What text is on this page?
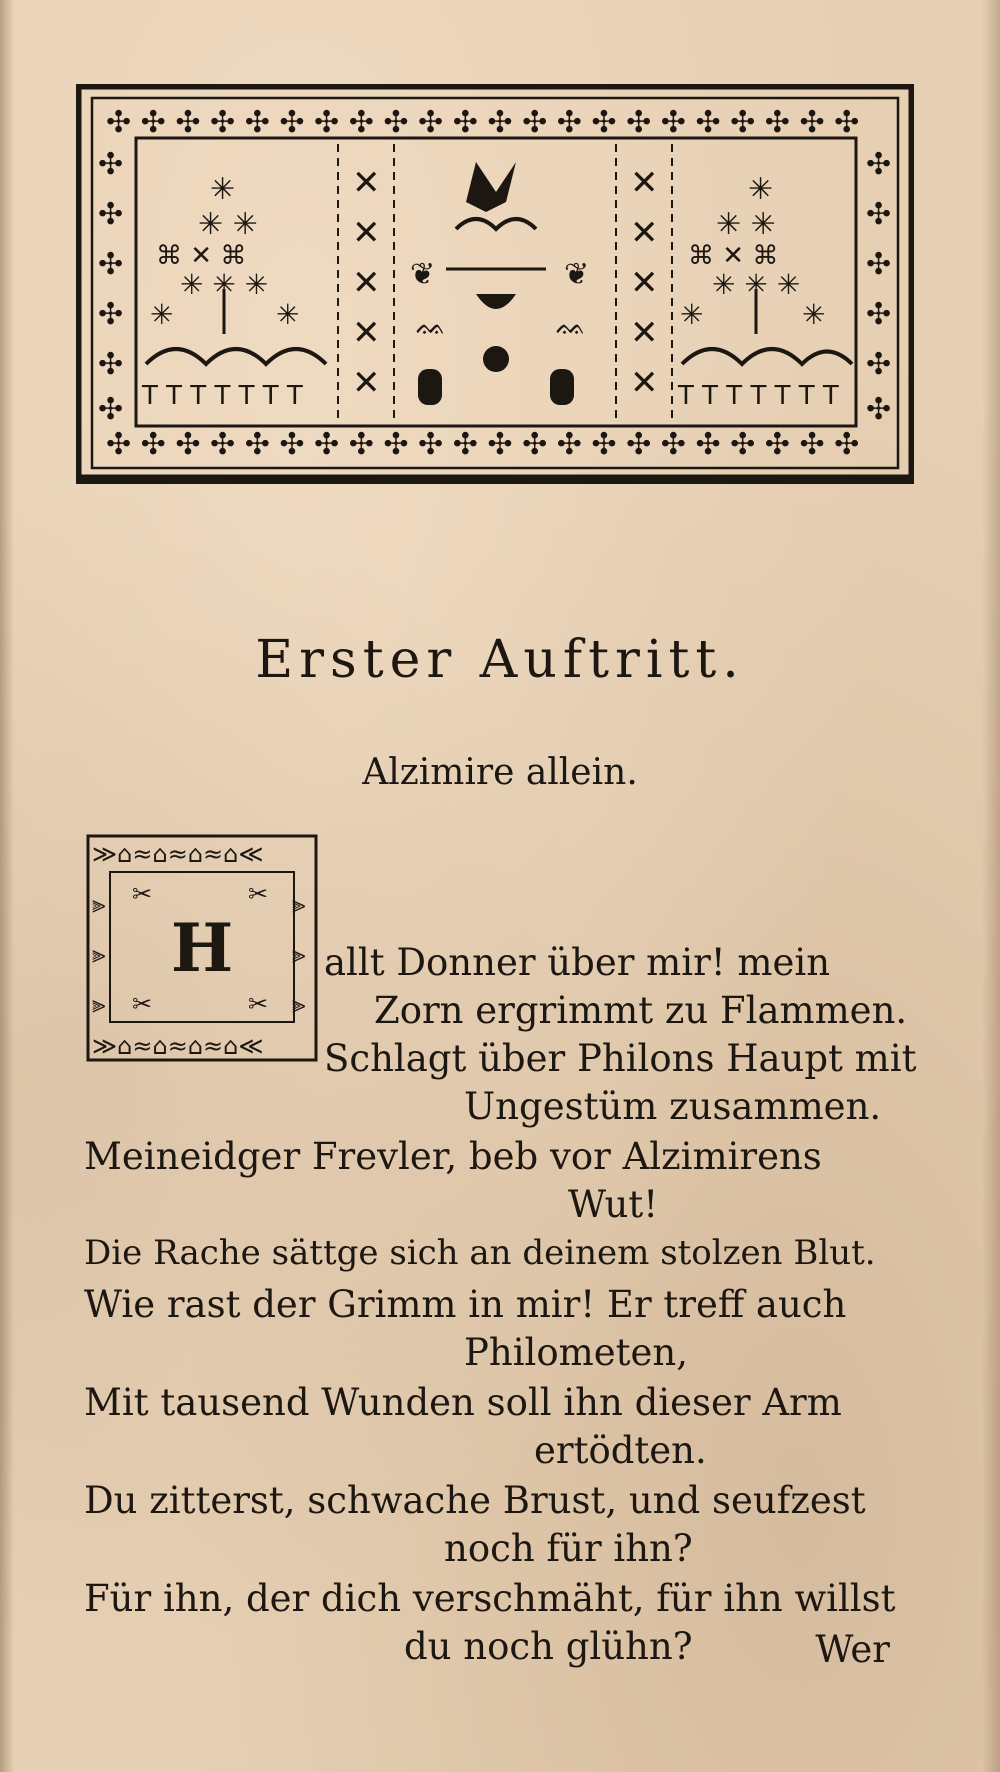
✣ ✣ ✣ ✣ ✣ ✣ ✣ ✣ ✣ ✣ ✣ ✣ ✣ ✣ ✣ ✣ ✣ ✣ ✣ ✣ ✣ ✣
✣ ✣ ✣ ✣ ✣ ✣ ✣ ✣ ✣ ✣ ✣ ✣ ✣ ✣ ✣ ✣ ✣ ✣ ✣ ✣ ✣ ✣
✣
✣
✣
✣
✣
✣
✣
✣
✣
✣
✣
✣
✕
✕
✕
✕
✕
✕
✕
✕
✕
✕
✳
✳ ✳
⌘ ✕ ⌘
✳ ✳ ✳
✳	✳
T T T T T T T
❦	❦
ᨐ	ᨐ
✳
✳ ✳
⌘ ✕ ⌘
✳ ✳ ✳
✳	✳
T T T T T T T
Erster Auftritt.
Alzimire allein.
≫⌂≈⌂≈⌂≈⌂≪
≫⌂≈⌂≈⌂≈⌂≪
⫸
⫸
⫸
⫸
⫸
⫸
✂	✂
✂	✂
H	allt Donner über mir! mein
Zorn ergrimmt zu Flammen.
Schlagt über Philons Haupt mit
Ungestüm zusammen.
Meineidger Frevler, beb vor Alzimirens
Wut!
Die Rache sättge sich an deinem stolzen Blut.
Wie rast der Grimm in mir! Er treff auch
Philometen,
Mit tausend Wunden soll ihn dieser Arm
ertödten.
Du zitterst, schwache Brust, und seufzest
noch für ihn?
Für ihn, der dich verschmäht, für ihn willst
du noch glühn?	Wer
